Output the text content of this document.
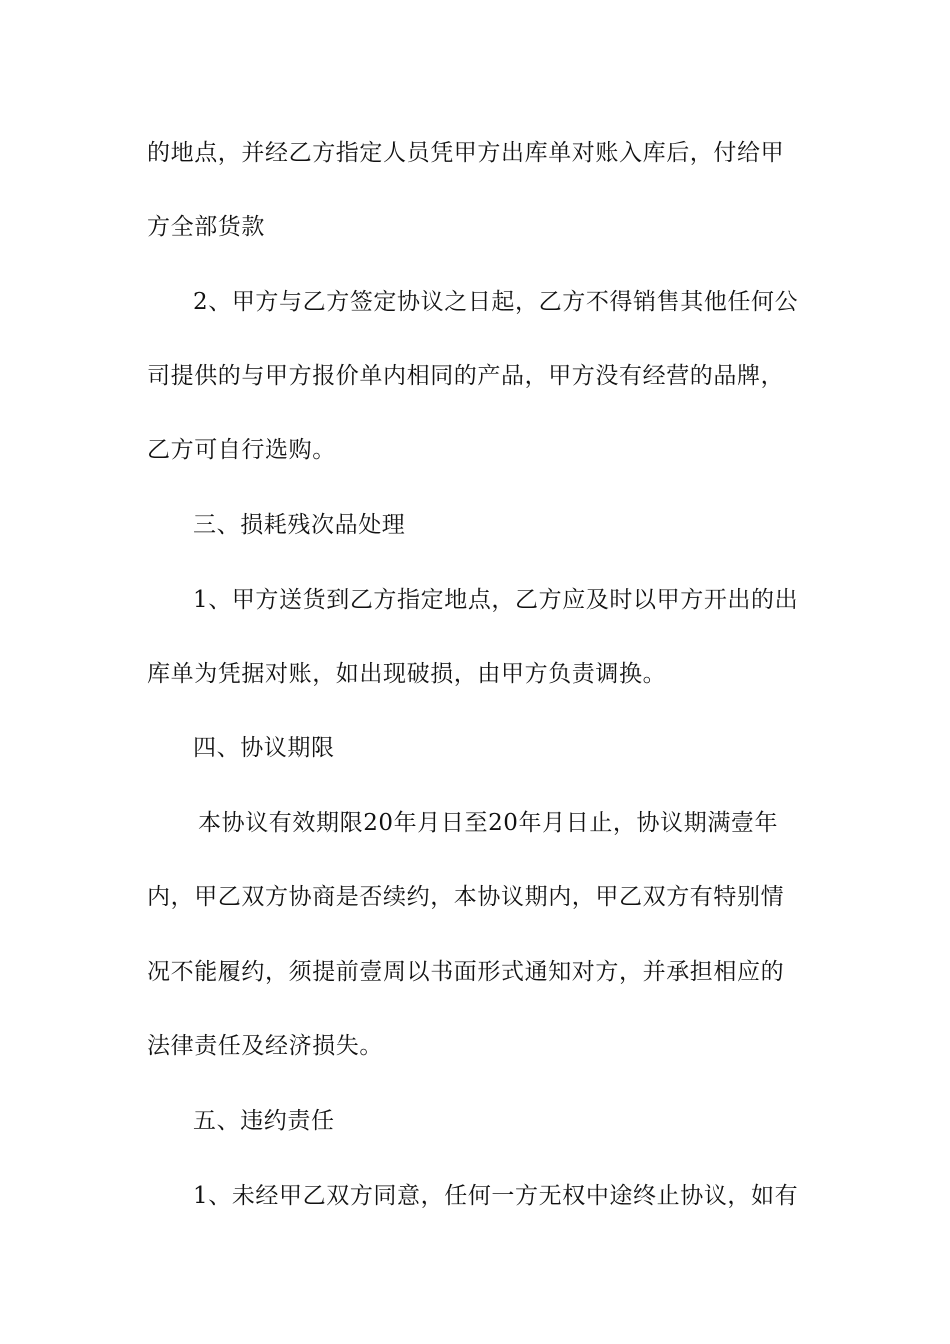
的地点，并经乙方指定人员凭甲方出库单对账入库后，付给甲
方全部货款
2、甲方与乙方签定协议之日起，乙方不得销售其他任何公
司提供的与甲方报价单内相同的产品，甲方没有经营的品牌，
乙方可自行选购。
三、损耗残次品处理
1、甲方送货到乙方指定地点，乙方应及时以甲方开出的出
库单为凭据对账，如出现破损，由甲方负责调换。
四、协议期限
本协议有效期限20年月日至20年月日止，协议期满壹年
内，甲乙双方协商是否续约，本协议期内，甲乙双方有特别情
况不能履约，须提前壹周以书面形式通知对方，并承担相应的
法律责任及经济损失。
五、违约责任
1、未经甲乙双方同意，任何一方无权中途终止协议，如有
